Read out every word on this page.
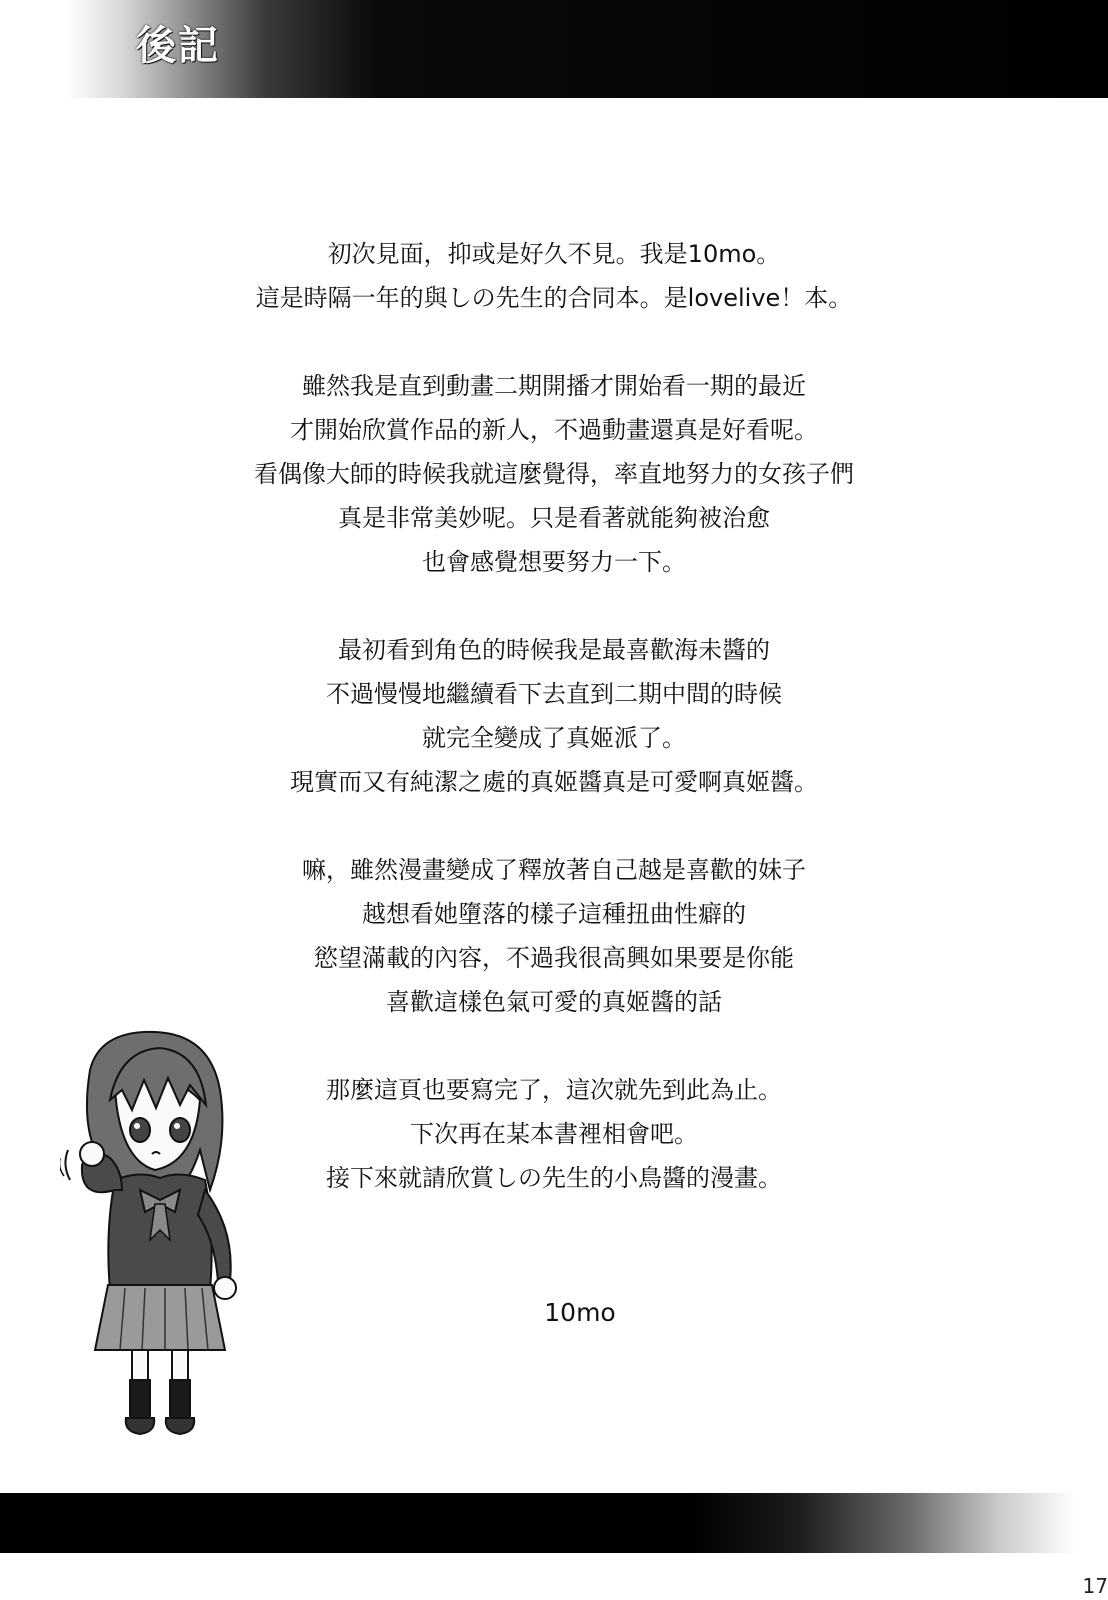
後記
初次見面，抑或是好久不見。我是10mo。
這是時隔一年的與しの先生的合同本。是lovelive！本。
雖然我是直到動畫二期開播才開始看一期的最近
才開始欣賞作品的新人，不過動畫還真是好看呢。
看偶像大師的時候我就這麼覺得，率直地努力的女孩子們
真是非常美妙呢。只是看著就能夠被治愈
也會感覺想要努力一下。
最初看到角色的時候我是最喜歡海未醬的
不過慢慢地繼續看下去直到二期中間的時候
就完全變成了真姬派了。
現實而又有純潔之處的真姬醬真是可愛啊真姬醬。
嘛，雖然漫畫變成了釋放著自己越是喜歡的妹子
越想看她墮落的樣子這種扭曲性癖的
慾望滿載的內容，不過我很高興如果要是你能
喜歡這樣色氣可愛的真姬醬的話
那麼這頁也要寫完了，這次就先到此為止。
下次再在某本書裡相會吧。
接下來就請欣賞しの先生的小鳥醬的漫畫。
10mo
17
